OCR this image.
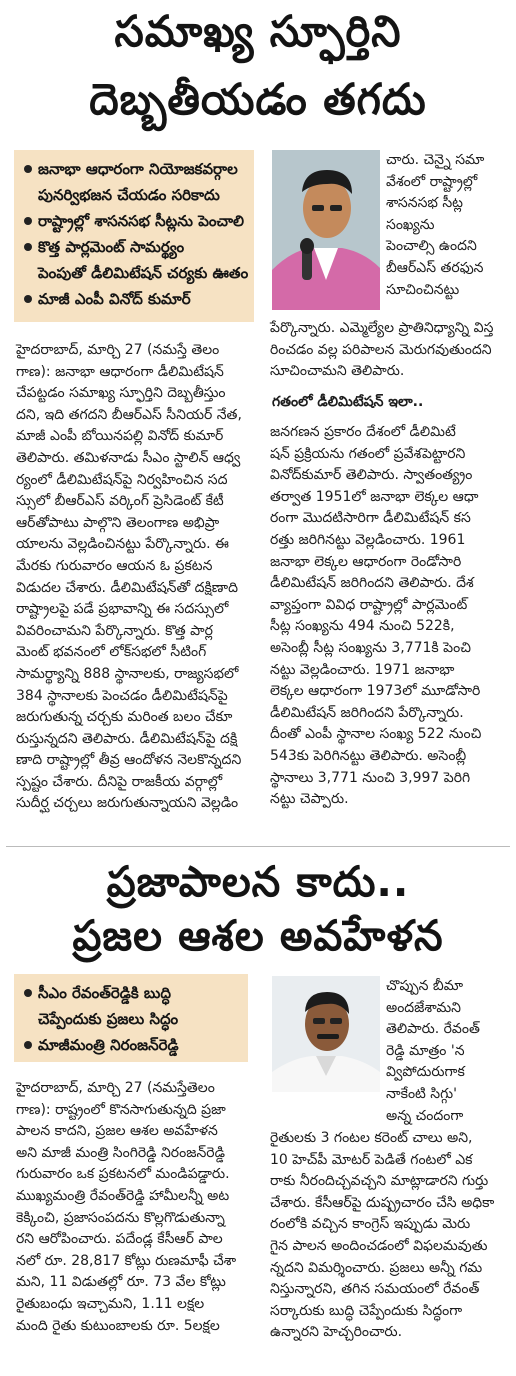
సమాఖ్య స్ఫూర్తిని
దెబ్బతీయడం తగదు
జనాభా ఆధారంగా నియోజకవర్గాల
పునర్విభజన చేయడం సరికాదు
రాష్ట్రాల్లో శాసనసభ సీట్లను పెంచాలి
కొత్త పార్లమెంట్ సామర్థ్యం
పెంపుతో డీలిమిటేషన్ చర్యకు ఊతం
మాజీ ఎంపీ వినోద్ కుమార్

హైదరాబాద్, మార్చి 27 (నమస్తే తెలం

గాణ): జనాభా ఆధారంగా డీలిమిటేషన్

చేపట్టడం సమాఖ్య స్ఫూర్తిని దెబ్బతీస్తుం

దని, ఇది తగదని బీఆర్ఎస్ సీనియర్ నేత,

మాజీ ఎంపీ బోయినపల్లి వినోద్ కుమార్

తెలిపారు. తమిళనాడు సీఎం స్టాలిన్ ఆధ్వ

ర్యంలో డీలిమిటేషన్‌పై నిర్వహించిన సద

స్సులో బీఆర్ఎస్ వర్కింగ్ ప్రెసిడెంట్ కేటీ

ఆర్‌తోపాటు పాల్గొని తెలంగాణ అభిప్రా

యాలను వెల్లడించినట్టు పేర్కొన్నారు. ఈ

మేరకు గురువారం ఆయన ఓ ప్రకటన

విడుదల చేశారు. డీలిమిటేషన్‌తో దక్షిణాది

రాష్ట్రాలపై పడే ప్రభావాన్ని ఈ సదస్సులో

వివరించామని పేర్కొన్నారు. కొత్త పార్ల

మెంట్ భవనంలో లోక్‌సభలో సీటింగ్

సామర్థ్యాన్ని 888 స్థానాలకు, రాజ్యసభలో

384 స్థానాలకు పెంచడం డీలిమిటేషన్‌పై

జరుగుతున్న చర్చకు మరింత బలం చేకూ

రుస్తున్నదని తెలిపారు. డీలిమిటేషన్‌పై దక్షి

ణాది రాష్ట్రాల్లో తీవ్ర ఆందోళన నెలకొన్నదని

స్పష్టం చేశారు. దీనిపై రాజకీయ వర్గాల్లో

సుదీర్ఘ చర్చలు జరుగుతున్నాయని వెల్లడిం

చారు. చెన్నై సమా

వేశంలో రాష్ట్రాల్లో

శాసనసభ సీట్ల

సంఖ్యను

పెంచాల్సి ఉందని

బీఆర్ఎస్ తరఫున

సూచించినట్టు

పేర్కొన్నారు. ఎమ్మెల్యేల ప్రాతినిధ్యాన్ని విస్త

రించడం వల్ల పరిపాలన మెరుగవుతుందని

సూచించామని తెలిపారు.

గతంలో డీలిమిటేషన్ ఇలా..

జనగణన ప్రకారం దేశంలో డీలిమిటే

షన్ ప్రక్రియను గతంలో ప్రవేశపెట్టారని

వినోద్‌కుమార్ తెలిపారు. స్వాతంత్య్రం

తర్వాత 1951లో జనాభా లెక్కల ఆధా

రంగా మొదటిసారిగా డీలిమిటేషన్ కస

రత్తు జరిగినట్టు వెల్లడించారు. 1961

జనాభా లెక్కల ఆధారంగా రెండోసారి

డీలిమిటేషన్ జరిగిందని తెలిపారు. దేశ

వ్యాప్తంగా వివిధ రాష్ట్రాల్లో పార్లమెంట్

సీట్ల సంఖ్యను 494 నుంచి 522కి,

అసెంబ్లీ సీట్ల సంఖ్యను 3,771కి పెంచి

నట్టు వెల్లడించారు. 1971 జనాభా

లెక్కల ఆధారంగా 1973లో మూడోసారి

డీలిమిటేషన్ జరిగిందని పేర్కొన్నారు.

దీంతో ఎంపీ స్థానాల సంఖ్య 522 నుంచి

543కు పెరిగినట్టు తెలిపారు. అసెంబ్లీ

స్థానాలు 3,771 నుంచి 3,997 పెరిగి

నట్టు చెప్పారు.

ప్రజాపాలన కాదు..
ప్రజల ఆశల అవహేళన
సీఎం రేవంత్‌రెడ్డికి బుద్ధి
చెప్పేందుకు ప్రజలు సిద్ధం
మాజీమంత్రి నిరంజన్‌రెడ్డి

చొప్పున బీమా

అందజేశామని

తెలిపారు. రేవంత్

రెడ్డి మాత్రం 'న

వ్విపోదురుగాక

నాకేంటి సిగ్గు'

అన్న చందంగా

హైదరాబాద్, మార్చి 27 (నమస్తేతెలం

గాణ): రాష్ట్రంలో కొనసాగుతున్నది ప్రజా

పాలన కాదని, ప్రజల ఆశల అవహేళన

అని మాజీ మంత్రి సింగిరెడ్డి నిరంజన్‌రెడ్డి

గురువారం ఒక ప్రకటనలో మండిపడ్డారు.

ముఖ్యమంత్రి రేవంత్‌రెడ్డి హామీలన్నీ అట

కెక్కించి, ప్రజాసంపదను కొల్లగొడుతున్నా

రని ఆరోపించారు. పదేండ్ల కేసీఆర్ పాల

నలో రూ. 28,817 కోట్లు రుణమాఫీ చేశా

మని, 11 విడుతల్లో రూ. 73 వేల కోట్లు

రైతుబంధు ఇచ్చామని, 1.11 లక్షల

మంది రైతు కుటుంబాలకు రూ. 5లక్షల

రైతులకు 3 గంటల కరెంట్ చాలు అని,

10 హెచ్‌పీ మోటర్ పెడితే గంటలో ఎక

రాకు నీరందిచ్చవచ్చని మాట్లాడారని గుర్తు

చేశారు. కేసీఆర్‌పై దుష్ప్రచారం చేసి అధికా

రంలోకి వచ్చిన కాంగ్రెస్ ఇప్పుడు మెరు

గైన పాలన అందించడంలో విఫలమవుతు

న్నదని విమర్శించారు. ప్రజలు అన్నీ గమ

నిస్తున్నారని, తగిన సమయంలో రేవంత్

సర్కారుకు బుద్ధి చెప్పేందుకు సిద్ధంగా

ఉన్నారని హెచ్చరించారు.
